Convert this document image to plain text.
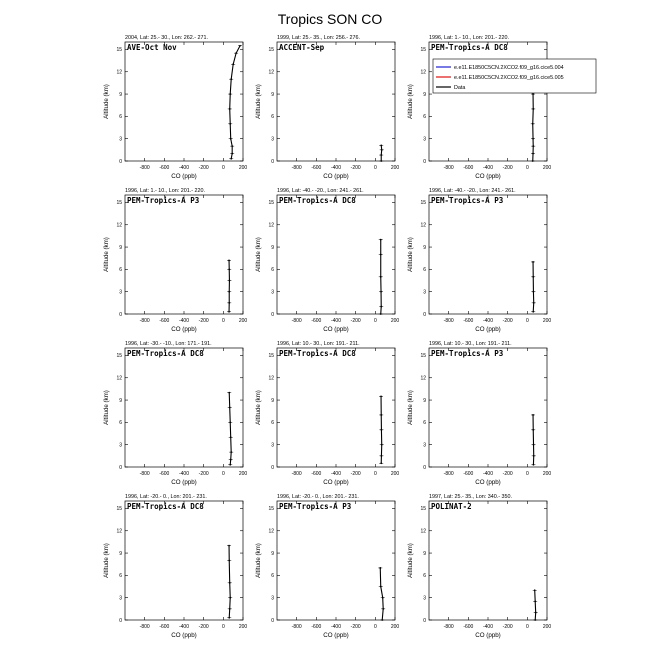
Tropics SON CO
2004, Lat: 25.- 30., Lon: 262.- 271.
AVE-Oct Nov
-800 -600 -400 -200	0	200
0
3
6
9
12
15
CO (ppb)
Altitude (km)
1999, Lat: 25.- 35., Lon: 256.- 276.
ACCENT-Sep
-800 -600 -400 -200	0	200
0
3
6
9
12
15
CO (ppb)
Altitude (km)
1996, Lat: 1.- 10., Lon: 201.- 220.
PEM-Tropics-A DC8
-800 -600 -400 -200	0	200
0
3
6
9
12
15
CO (ppb)
Altitude (km)
1996, Lat: 1.- 10., Lon: 201.- 220.
PEM-Tropics-A P3
-800 -600 -400 -200	0	200
0
3
6
9
12
15
CO (ppb)
Altitude (km)
1996, Lat: -40.- -20., Lon: 241.- 261.
PEM-Tropics-A DC8
-800 -600 -400 -200	0	200
0
3
6
9
12
15
CO (ppb)
Altitude (km)
1996, Lat: -40.- -20., Lon: 241.- 261.
PEM-Tropics-A P3
-800 -600 -400 -200	0	200
0
3
6
9
12
15
CO (ppb)
Altitude (km)
1996, Lat: -30.- -10., Lon: 171.- 191.
PEM-Tropics-A DC8
-800 -600 -400 -200	0	200
0
3
6
9
12
15
CO (ppb)
Altitude (km)
1996, Lat: 10.- 30., Lon: 191.- 211.
PEM-Tropics-A DC8
-800 -600 -400 -200	0	200
0
3
6
9
12
15
CO (ppb)
Altitude (km)
1996, Lat: 10.- 30., Lon: 191.- 211.
PEM-Tropics-A P3
-800 -600 -400 -200	0	200
0
3
6
9
12
15
CO (ppb)
Altitude (km)
1996, Lat: -20.- 0., Lon: 201.- 231.
PEM-Tropics-A DC8
-800 -600 -400 -200	0	200
0
3
6
9
12
15
CO (ppb)
Altitude (km)
1996, Lat: -20.- 0., Lon: 201.- 231.
PEM-Tropics-A P3
-800 -600 -400 -200	0	200
0
3
6
9
12
15
CO (ppb)
Altitude (km)
1997, Lat: 25.- 35., Lon: 340.- 350.
POLINAT-2
-800 -600 -400 -200	0	200
0
3
6
9
12
15
CO (ppb)
Altitude (km)
e.e11.E1850C5CN.2XCO2.f09_g16.cice5.004
e.e11.E1850C5CN.2XCO2.f09_g16.cice5.005
Data
